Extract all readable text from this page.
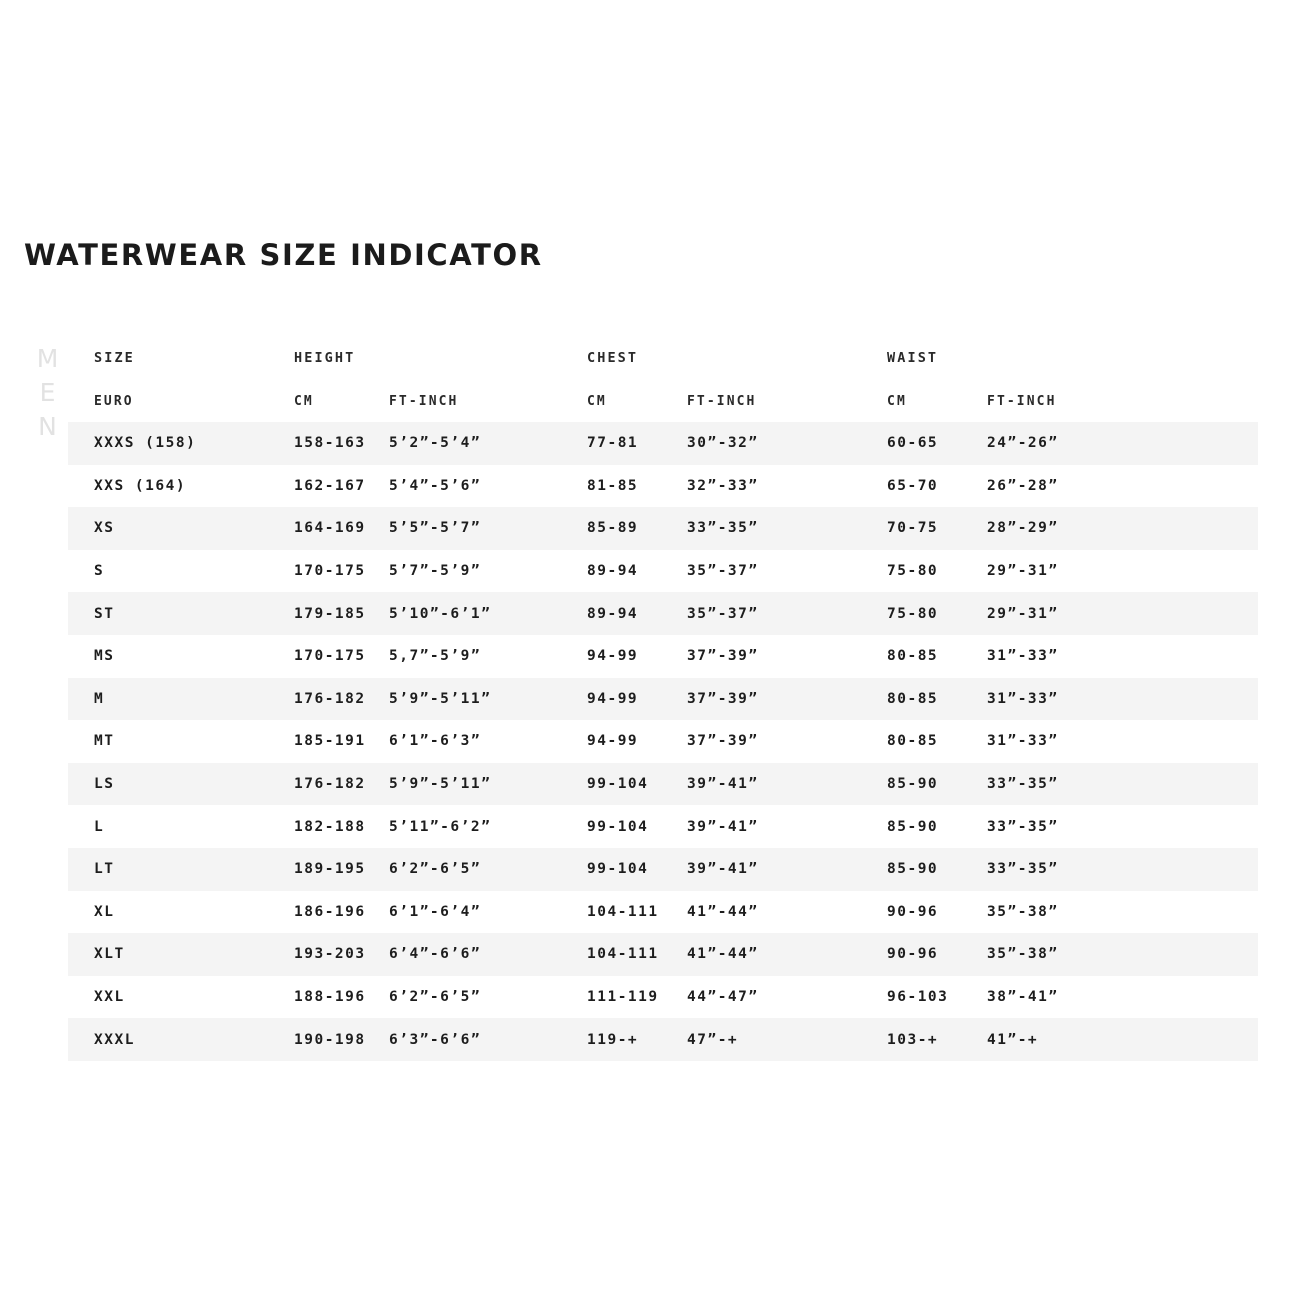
WATERWEAR SIZE INDICATOR
MEN SIZE	HEIGHT		CHEST		WAIST	
EURO	CM	FT-INCH	CM	FT-INCH	CM	FT-INCH
XXXS (158)	158-163	5’2”-5’4”	77-81	30”-32”	60-65	24”-26”
XXS (164)	162-167	5’4”-5’6”	81-85	32”-33”	65-70	26”-28”
XS	164-169	5’5”-5’7”	85-89	33”-35”	70-75	28”-29”
S	170-175	5’7”-5’9”	89-94	35”-37”	75-80	29”-31”
ST	179-185	5’10”-6’1”	89-94	35”-37”	75-80	29”-31”
MS	170-175	5,7”-5’9”	94-99	37”-39”	80-85	31”-33”
M	176-182	5’9”-5’11”	94-99	37”-39”	80-85	31”-33”
MT	185-191	6’1”-6’3”	94-99	37”-39”	80-85	31”-33”
LS	176-182	5’9”-5’11”	99-104	39”-41”	85-90	33”-35”
L	182-188	5’11”-6’2”	99-104	39”-41”	85-90	33”-35”
LT	189-195	6’2”-6’5”	99-104	39”-41”	85-90	33”-35”
XL	186-196	6’1”-6’4”	104-111	41”-44”	90-96	35”-38”
XLT	193-203	6’4”-6’6”	104-111	41”-44”	90-96	35”-38”
XXL	188-196	6’2”-6’5”	111-119	44”-47”	96-103	38”-41”
XXXL	190-198	6’3”-6’6”	119-+	47”-+	103-+	41”-+
